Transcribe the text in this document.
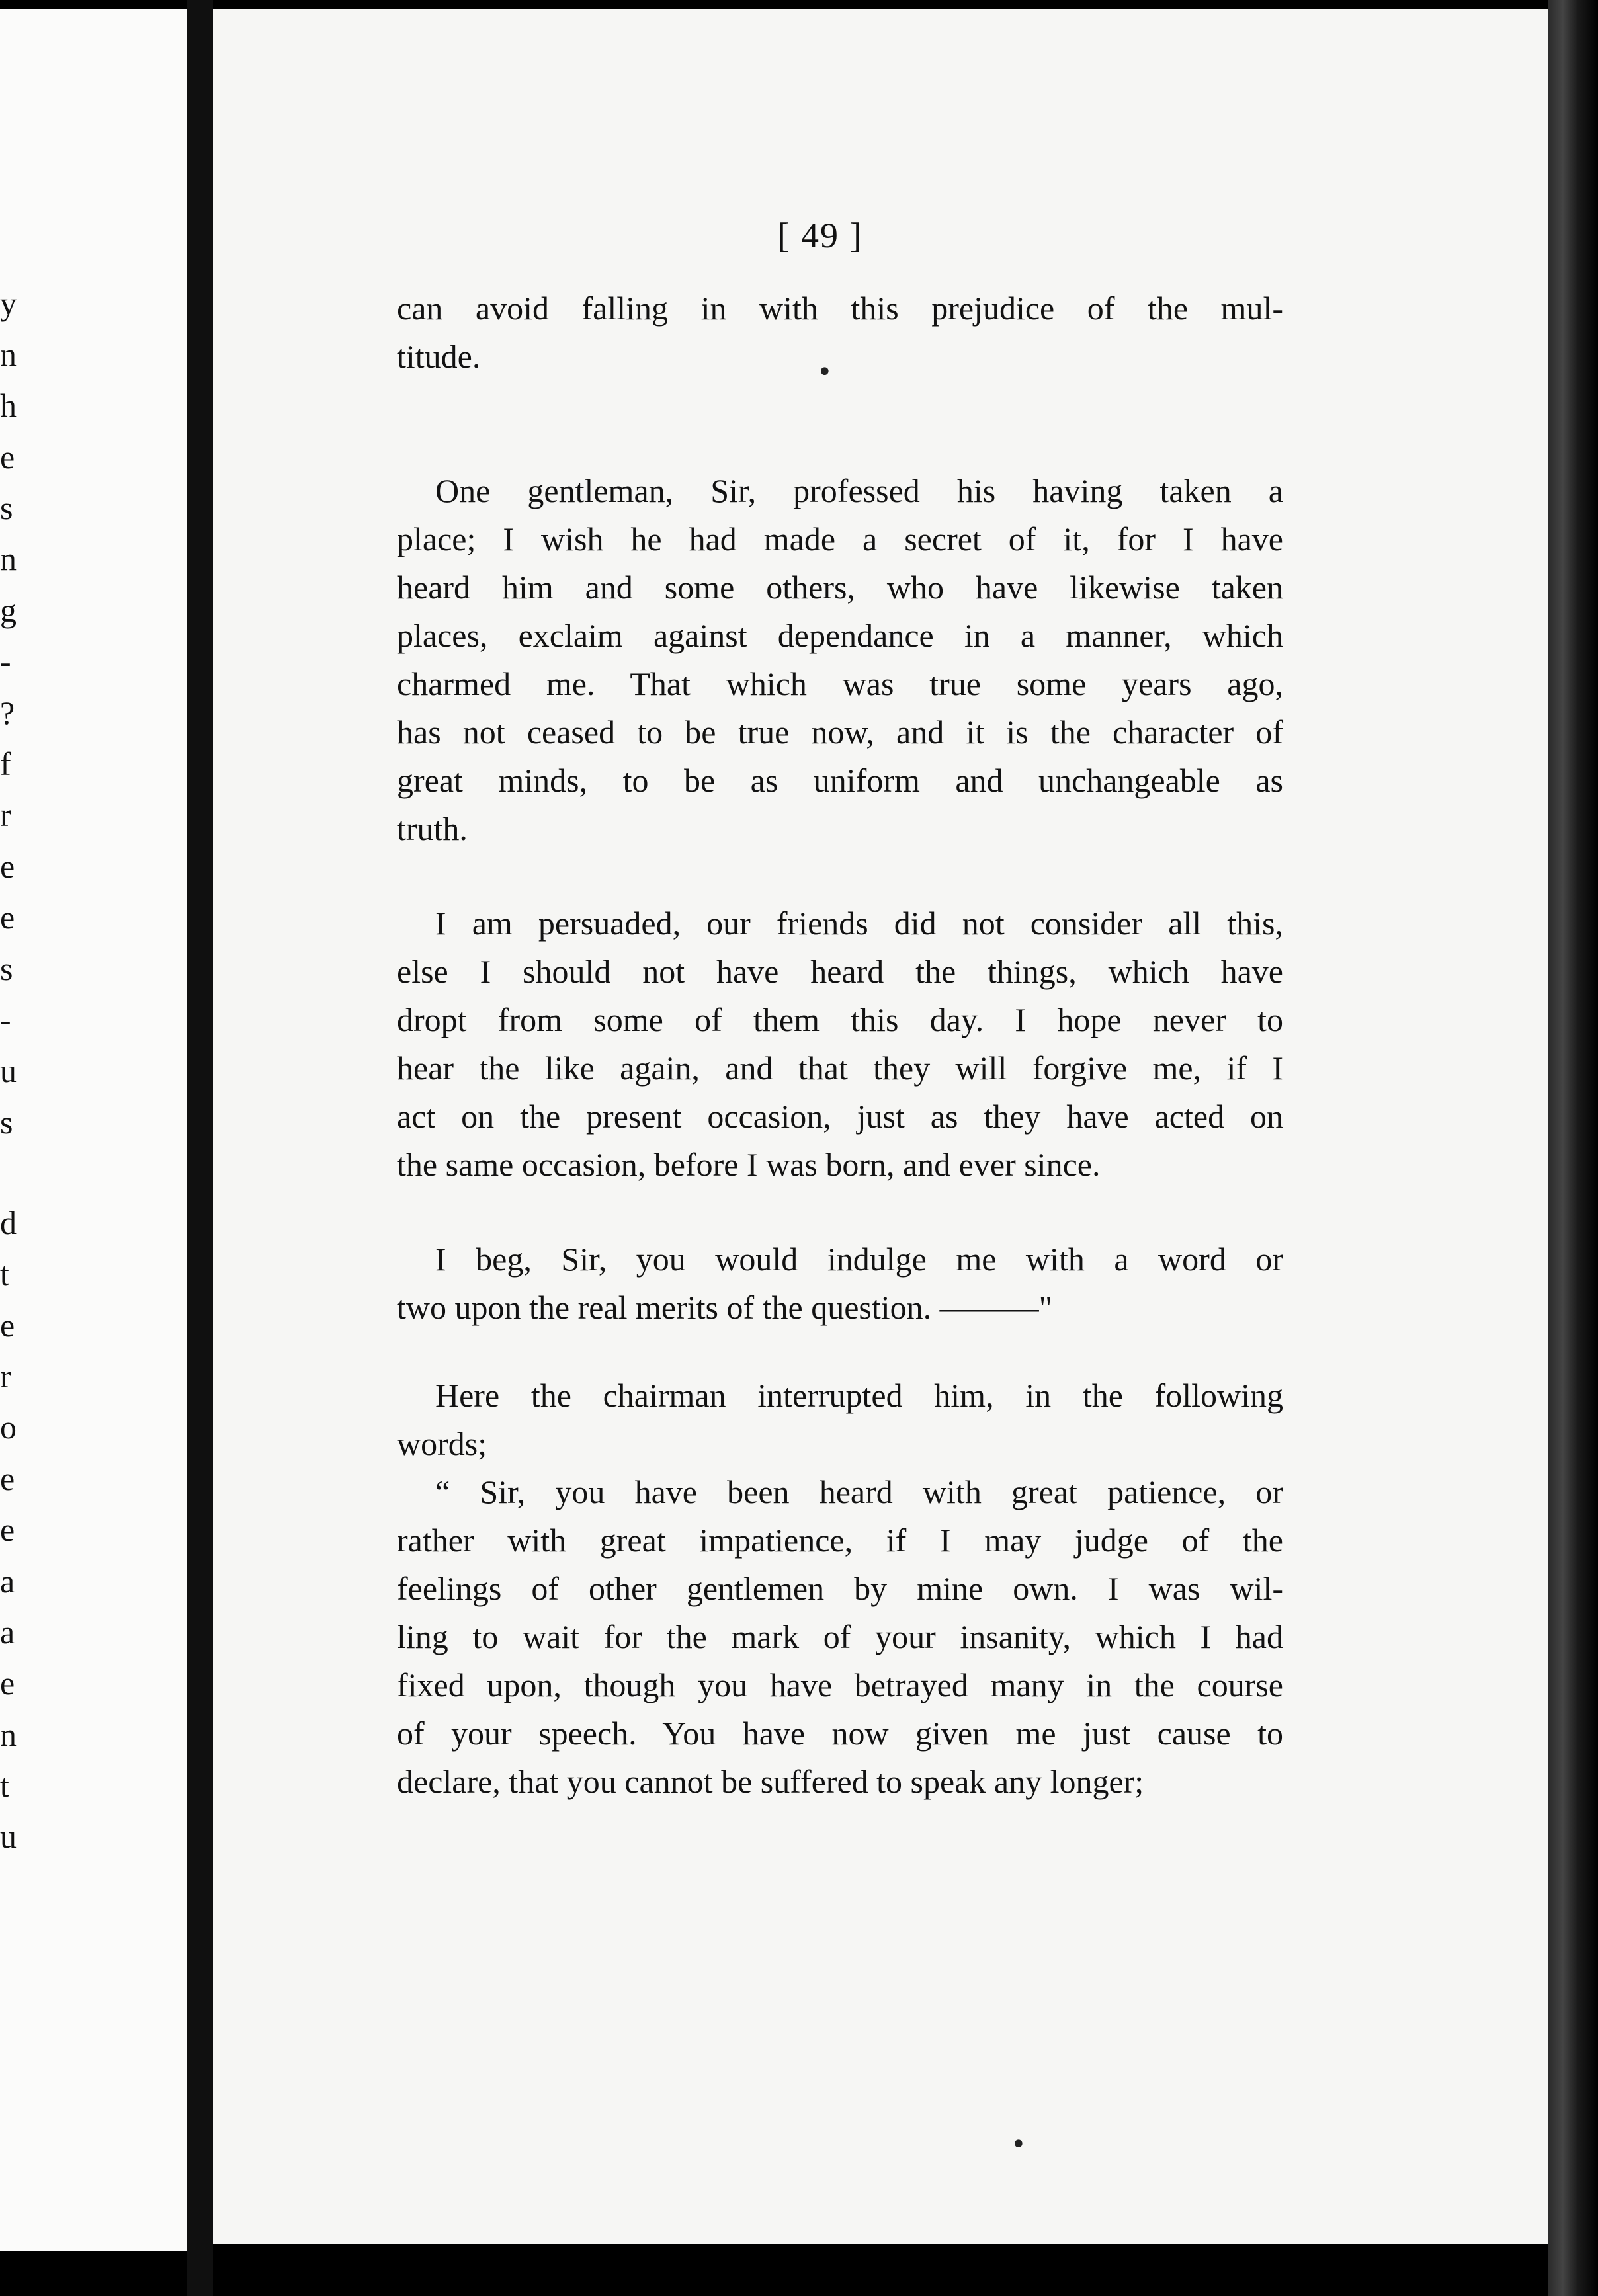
y
n
h
e
s
n
g
-
?
f
r
e
e
s
-
u
s
d
t
e
r
o
e
e
a
a
e
n
t
u
[ 49 ]
can avoid falling in with this prejudice of the mul-
titude.
One gentleman, Sir, professed his having taken a
place; I wish he had made a secret of it, for I have
heard him and some others, who have likewise taken
places, exclaim against dependance in a manner, which
charmed me. That which was true some years ago,
has not ceased to be true now, and it is the character of
great minds, to be as uniform and unchangeable as
truth.
I am persuaded, our friends did not consider all this,
else I should not have heard the things, which have
dropt from some of them this day. I hope never to
hear the like again, and that they will forgive me, if I
act on the present occasion, just as they have acted on
the same occasion, before I was born, and ever since.
I beg, Sir, you would indulge me with a word or
two upon the real merits of the question. ———"
Here the chairman interrupted him, in the following
words;
“ Sir, you have been heard with great patience, or
rather with great impatience, if I may judge of the
feelings of other gentlemen by mine own. I was wil-
ling to wait for the mark of your insanity, which I had
fixed upon, though you have betrayed many in the course
of your speech. You have now given me just cause to
declare, that you cannot be suffered to speak any longer;
•
•
